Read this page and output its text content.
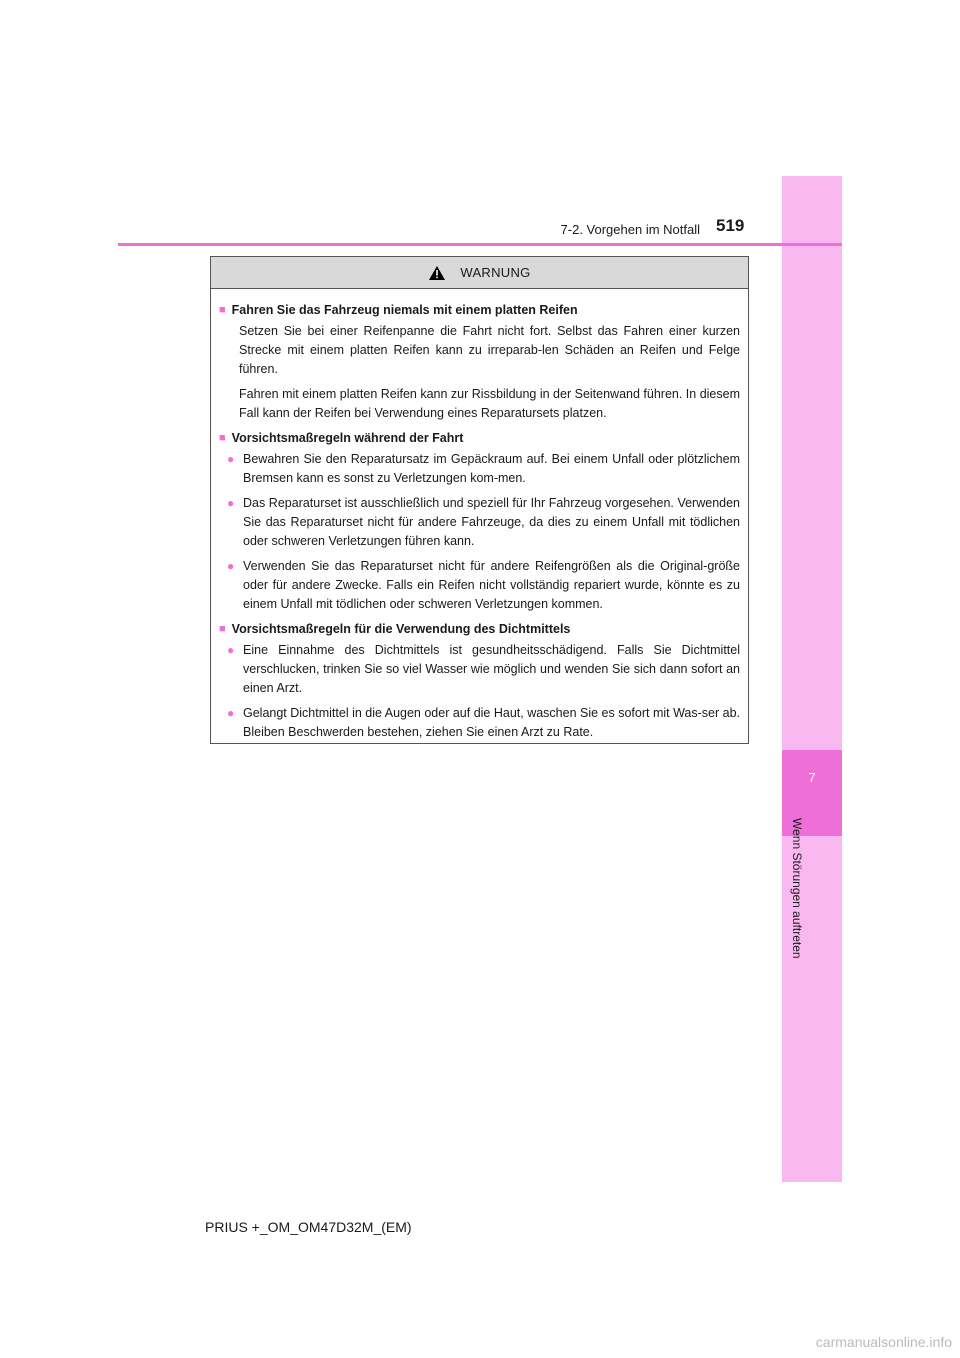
7
Wenn Störungen auftreten
7-2. Vorgehen im Notfall 519
WARNUNG
■ Fahren Sie das Fahrzeug niemals mit einem platten Reifen
Setzen Sie bei einer Reifenpanne die Fahrt nicht fort. Selbst das Fahren einer kurzen Strecke mit einem platten Reifen kann zu irreparab-len Schäden an Reifen und Felge führen.
Fahren mit einem platten Reifen kann zur Rissbildung in der Seitenwand führen. In diesem Fall kann der Reifen bei Verwendung eines Reparatursets platzen.
■ Vorsichtsmaßregeln während der Fahrt
● Bewahren Sie den Reparatursatz im Gepäckraum auf. Bei einem Unfall oder plötzlichem Bremsen kann es sonst zu Verletzungen kom-men.
● Das Reparaturset ist ausschließlich und speziell für Ihr Fahrzeug vorgesehen. Verwenden Sie das Reparaturset nicht für andere Fahrzeuge, da dies zu einem Unfall mit tödlichen oder schweren Verletzungen führen kann.
● Verwenden Sie das Reparaturset nicht für andere Reifengrößen als die Original-größe oder für andere Zwecke. Falls ein Reifen nicht vollständig repariert wurde, könnte es zu einem Unfall mit tödlichen oder schweren Verletzungen kommen.
■ Vorsichtsmaßregeln für die Verwendung des Dichtmittels
● Eine Einnahme des Dichtmittels ist gesundheitsschädigend. Falls Sie Dichtmittel verschlucken, trinken Sie so viel Wasser wie möglich und wenden Sie sich dann sofort an einen Arzt.
● Gelangt Dichtmittel in die Augen oder auf die Haut, waschen Sie es sofort mit Was-ser ab. Bleiben Beschwerden bestehen, ziehen Sie einen Arzt zu Rate.
PRIUS +_OM_OM47D32M_(EM)
carmanualsonline.info
